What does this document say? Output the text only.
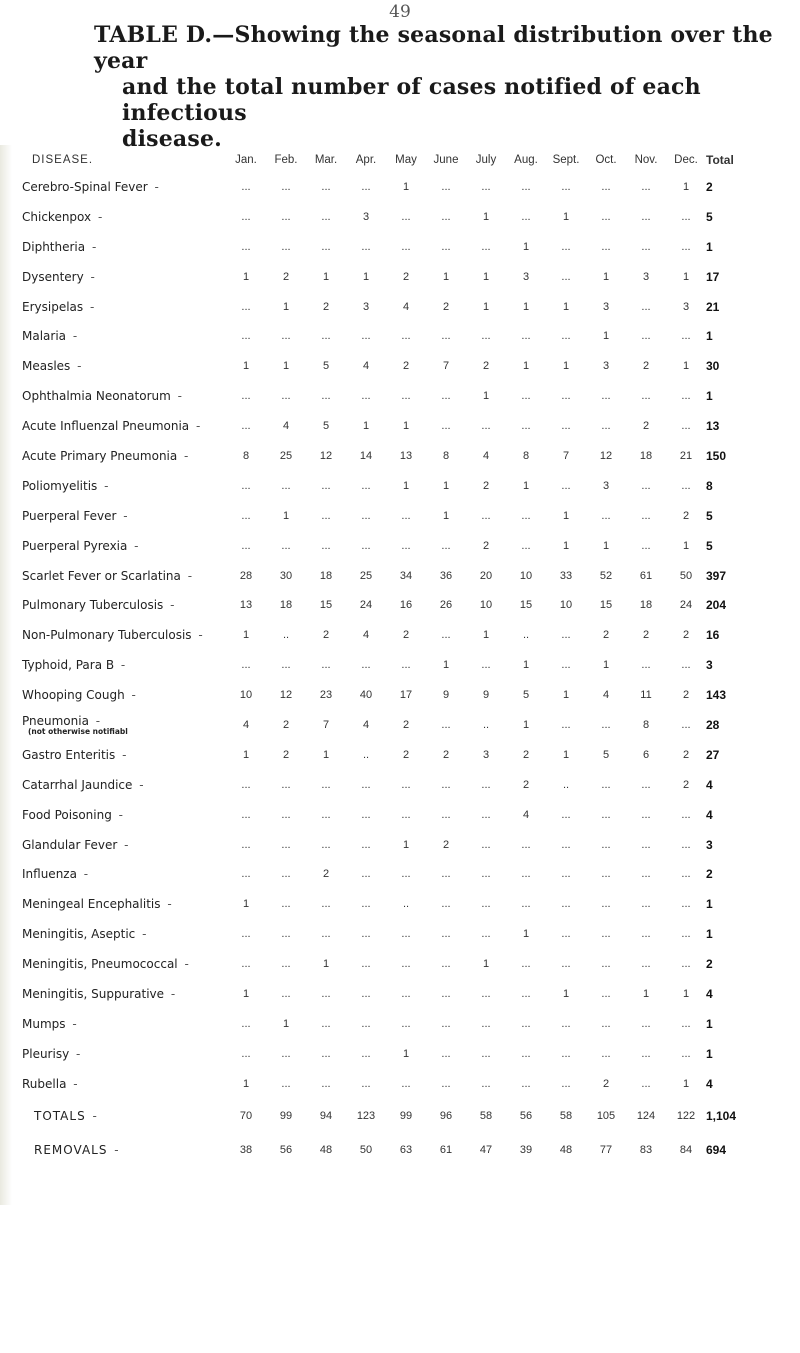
49
TABLE D.—Showing the seasonal distribution over the year
and the total number of cases notified of each infectious
disease.
DISEASE.	Jan.	Feb.	Mar.	Apr.	May	June	July	Aug.	Sept.	Oct.	Nov.	Dec.	Total
Cerebro-Spinal Fever -	...	...	...	...	1	...	...	...	...	...	...	1	2
Chickenpox -	...	...	...	3	...	...	1	...	1	...	...	...	5
Diphtheria -	...	...	...	...	...	...	...	1	...	...	...	...	1
Dysentery -	1	2	1	1	2	1	1	3	...	1	3	1	17
Erysipelas -	...	1	2	3	4	2	1	1	1	3	...	3	21
Malaria -	...	...	...	...	...	...	...	...	...	1	...	...	1
Measles -	1	1	5	4	2	7	2	1	1	3	2	1	30
Ophthalmia Neonatorum -	...	...	...	...	...	...	1	...	...	...	...	...	1
Acute Influenzal Pneumonia -	...	4	5	1	1	...	...	...	...	...	2	...	13
Acute Primary Pneumonia -	8	25	12	14	13	8	4	8	7	12	18	21	150
Poliomyelitis -	...	...	...	...	1	1	2	1	...	3	...	...	8
Puerperal Fever -	...	1	...	...	...	1	...	...	1	...	...	2	5
Puerperal Pyrexia -	...	...	...	...	...	...	2	...	1	1	...	1	5
Scarlet Fever or Scarlatina -	28	30	18	25	34	36	20	10	33	52	61	50	397
Pulmonary Tuberculosis -	13	18	15	24	16	26	10	15	10	15	18	24	204
Non-Pulmonary Tuberculosis -	1	..	2	4	2	...	1	..	...	2	2	2	16
Typhoid, Para B -	...	...	...	...	...	1	...	1	...	1	...	...	3
Whooping Cough -	10	12	23	40	17	9	9	5	1	4	11	2	143
Pneumonia -
(not otherwise notifiabl	4	2	7	4	2	...	..	1	...	...	8	...	28
Gastro Enteritis -	1	2	1	..	2	2	3	2	1	5	6	2	27
Catarrhal Jaundice -	...	...	...	...	...	...	...	2	..	...	...	2	4
Food Poisoning -	...	...	...	...	...	...	...	4	...	...	...	...	4
Glandular Fever -	...	...	...	...	1	2	...	...	...	...	...	...	3
Influenza -	...	...	2	...	...	...	...	...	...	...	...	...	2
Meningeal Encephalitis -	1	...	...	...	..	...	...	...	...	...	...	...	1
Meningitis, Aseptic -	...	...	...	...	...	...	...	1	...	...	...	...	1
Meningitis, Pneumococcal -	...	...	1	...	...	...	1	...	...	...	...	...	2
Meningitis, Suppurative -	1	...	...	...	...	...	...	...	1	...	1	1	4
Mumps -	...	1	...	...	...	...	...	...	...	...	...	...	1
Pleurisy -	...	...	...	...	1	...	...	...	...	...	...	...	1
Rubella -	1	...	...	...	...	...	...	...	...	2	...	1	4
TOTALS -	70	99	94	123	99	96	58	56	58	105	124	122	1,104
REMOVALS -	38	56	48	50	63	61	47	39	48	77	83	84	694
